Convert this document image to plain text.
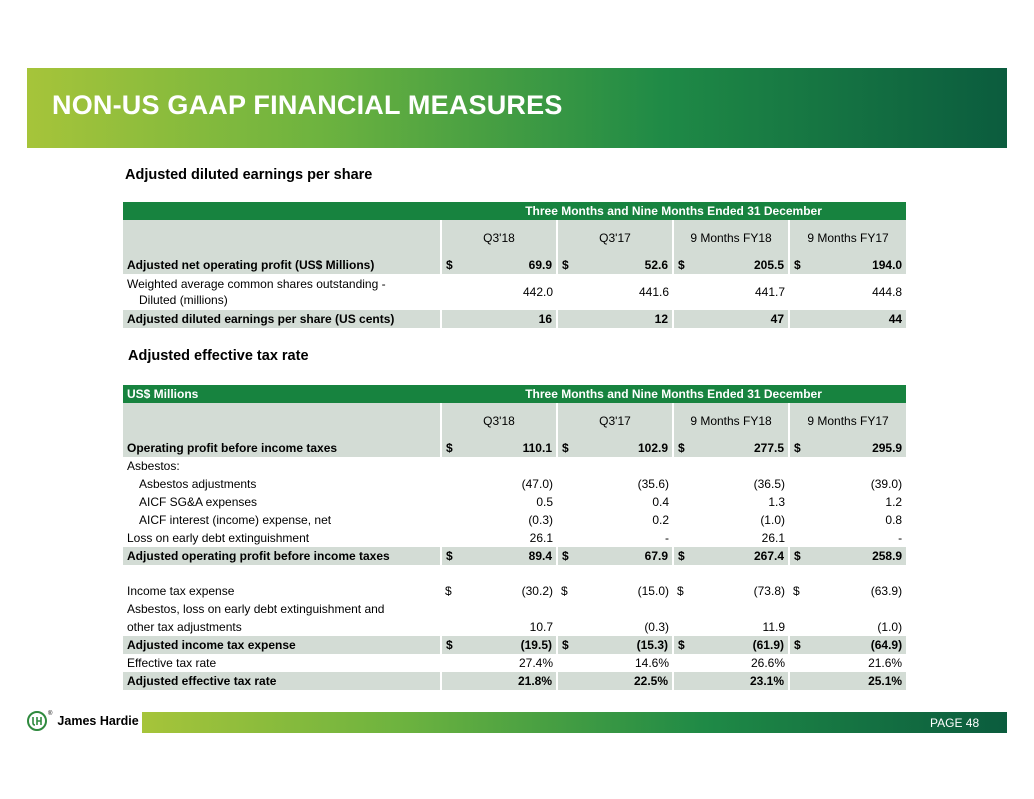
NON-US GAAP FINANCIAL MEASURES
Adjusted diluted earnings per share
	Three Months and Nine Months Ended 31 December							
	Q3'18		Q3'17		9 Months FY18		9 Months FY17	
Adjusted net operating profit (US$ Millions)	$	69.9	$	52.6	$	205.5	$	194.0

Weighted average common shares outstanding -
Diluted (millions)		442.0		441.6		441.7		444.8
Adjusted diluted earnings per share (US cents)	16		12		47		44	
Adjusted effective tax rate
US$ Millions	Three Months and Nine Months Ended 31 December							
	Q3'18		Q3'17		9 Months FY18		9 Months FY17	
Operating profit before income taxes	$	110.1	$	102.9	$	277.5	$	295.9
Asbestos:								
Asbestos adjustments		(47.0)		(35.6)		(36.5)		(39.0)
AICF SG&A expenses		0.5		0.4		1.3		1.2
AICF interest (income) expense, net		(0.3)		0.2		(1.0)		0.8
Loss on early debt extinguishment		26.1		-		26.1		-
Adjusted operating profit before income taxes	$	89.4	$	67.9	$	267.4	$	258.9

Income tax expense	$	(30.2)	$	(15.0)	$	(73.8)	$	(63.9)
Asbestos, loss on early debt extinguishment and								
other tax adjustments		10.7		(0.3)		11.9		(1.0)
Adjusted income tax expense	$	(19.5)	$	(15.3)	$	(61.9)	$	(64.9)
Effective tax rate		27.4%		14.6%		26.6%		21.6%
Adjusted effective tax rate	21.8%		22.5%		23.1%		25.1%	
® James Hardie	PAGE 48
